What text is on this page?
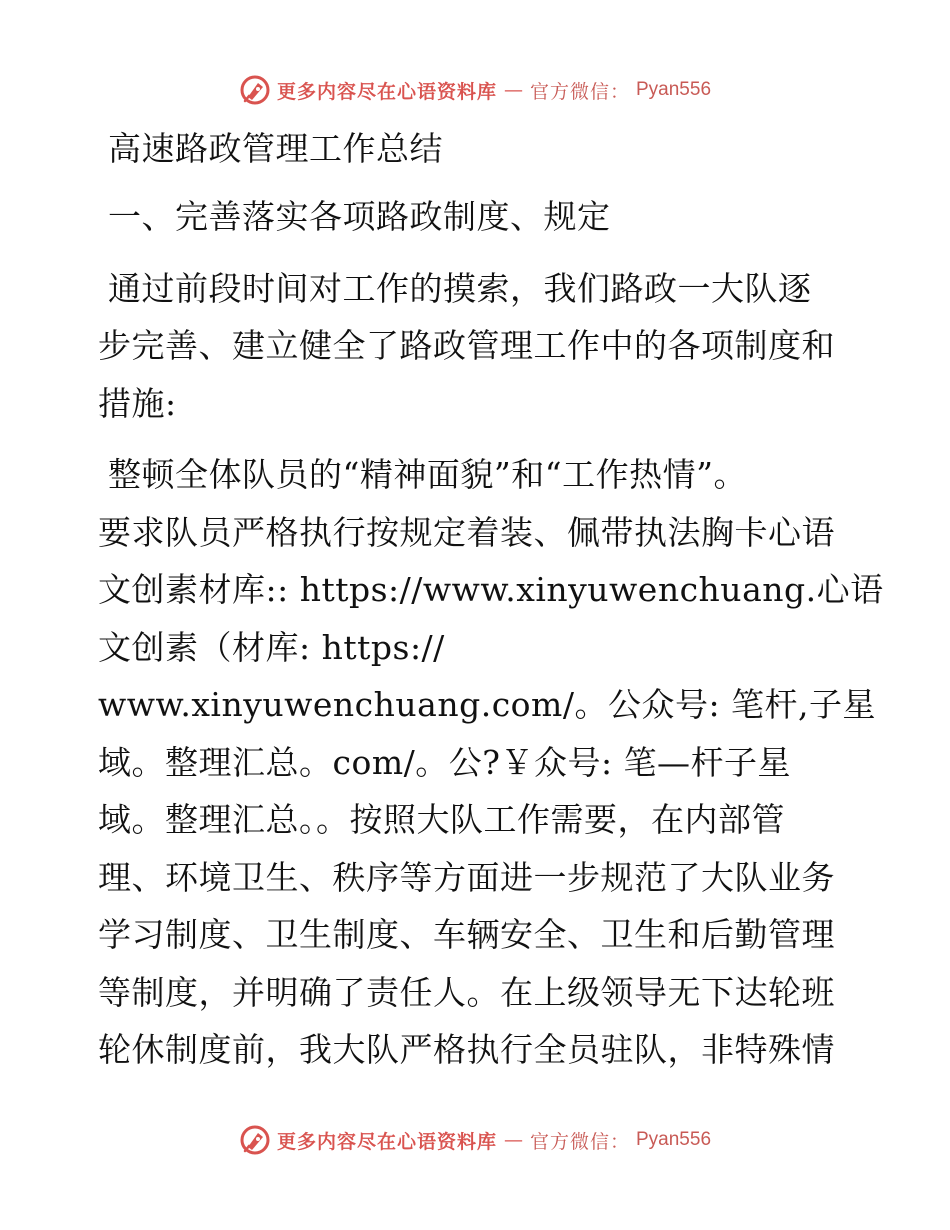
更多内容尽在心语资料库 — 官方微信： Pyan556
高速路政管理工作总结
一、完善落实各项路政制度、规定
通过前段时间对工作的摸索，我们路政一大队逐
步完善、建立健全了路政管理工作中的各项制度和
措施:
整顿全体队员的“精神面貌”和“工作热情”。
要求队员严格执行按规定着装、佩带执法胸卡心语
文创素材库:: https://www.xinyuwenchuang.心语
文创素（材库: https://
www.xinyuwenchuang.com/。公众号: 笔杆,子星
域。整理汇总。com/。公?￥众号: 笔—杆子星
域。整理汇总。。按照大队工作需要，在内部管
理、环境卫生、秩序等方面进一步规范了大队业务
学习制度、卫生制度、车辆安全、卫生和后勤管理
等制度，并明确了责任人。在上级领导无下达轮班
轮休制度前，我大队严格执行全员驻队，非特殊情
更多内容尽在心语资料库 — 官方微信： Pyan556
